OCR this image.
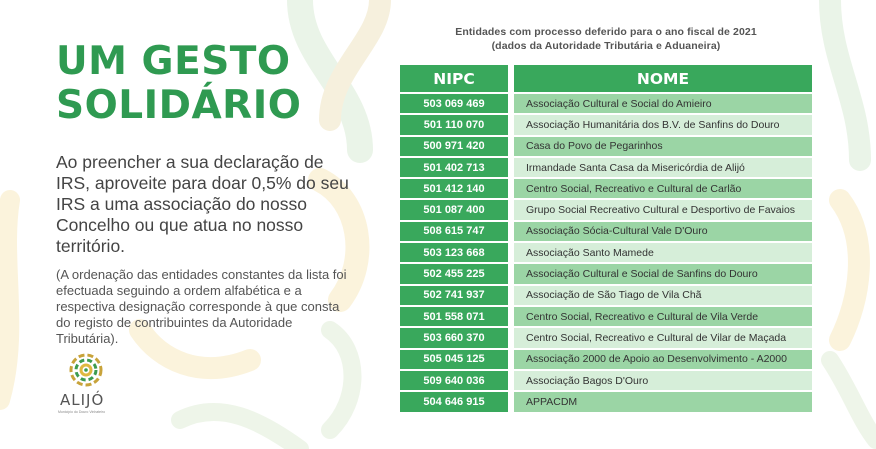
UM GESTO
SOLIDÁRIO

Ao preencher a sua declaração de IRS, aproveite para doar 0,5% do seu IRS a uma associação do nosso Concelho ou que atua no nosso território.

(A ordenação das entidades constantes da lista foi efectuada seguindo a ordem alfabética e a respectiva designação corresponde à que consta do registo de contribuintes da Autoridade Tributária).

ALIJÓ
Município do Douro Vinhateiro
Entidades com processo deferido para o ano fiscal de 2021
(dados da Autoridade Tributária e Aduaneira)
NIPC		NOME
503 069 469		Associação Cultural e Social do Amieiro
501 110 070		Associação Humanitária dos B.V. de Sanfins do Douro
500 971 420		Casa do Povo de Pegarinhos
501 402 713		Irmandade Santa Casa da Misericórdia de Alijó
501 412 140		Centro Social, Recreativo e Cultural de Carlão
501 087 400		Grupo Social Recreativo Cultural e Desportivo de Favaios
508 615 747		Associação Sócia-Cultural Vale D'Ouro
503 123 668		Associação Santo Mamede
502 455 225		Associação Cultural e Social de Sanfins do Douro
502 741 937		Associação de São Tiago de Vila Chã
501 558 071		Centro Social, Recreativo e Cultural de Vila Verde
503 660 370		Centro Social, Recreativo e Cultural de Vilar de Maçada
505 045 125		Associação 2000 de Apoio ao Desenvolvimento - A2000
509 640 036		Associação Bagos D'Ouro
504 646 915		APPACDM
